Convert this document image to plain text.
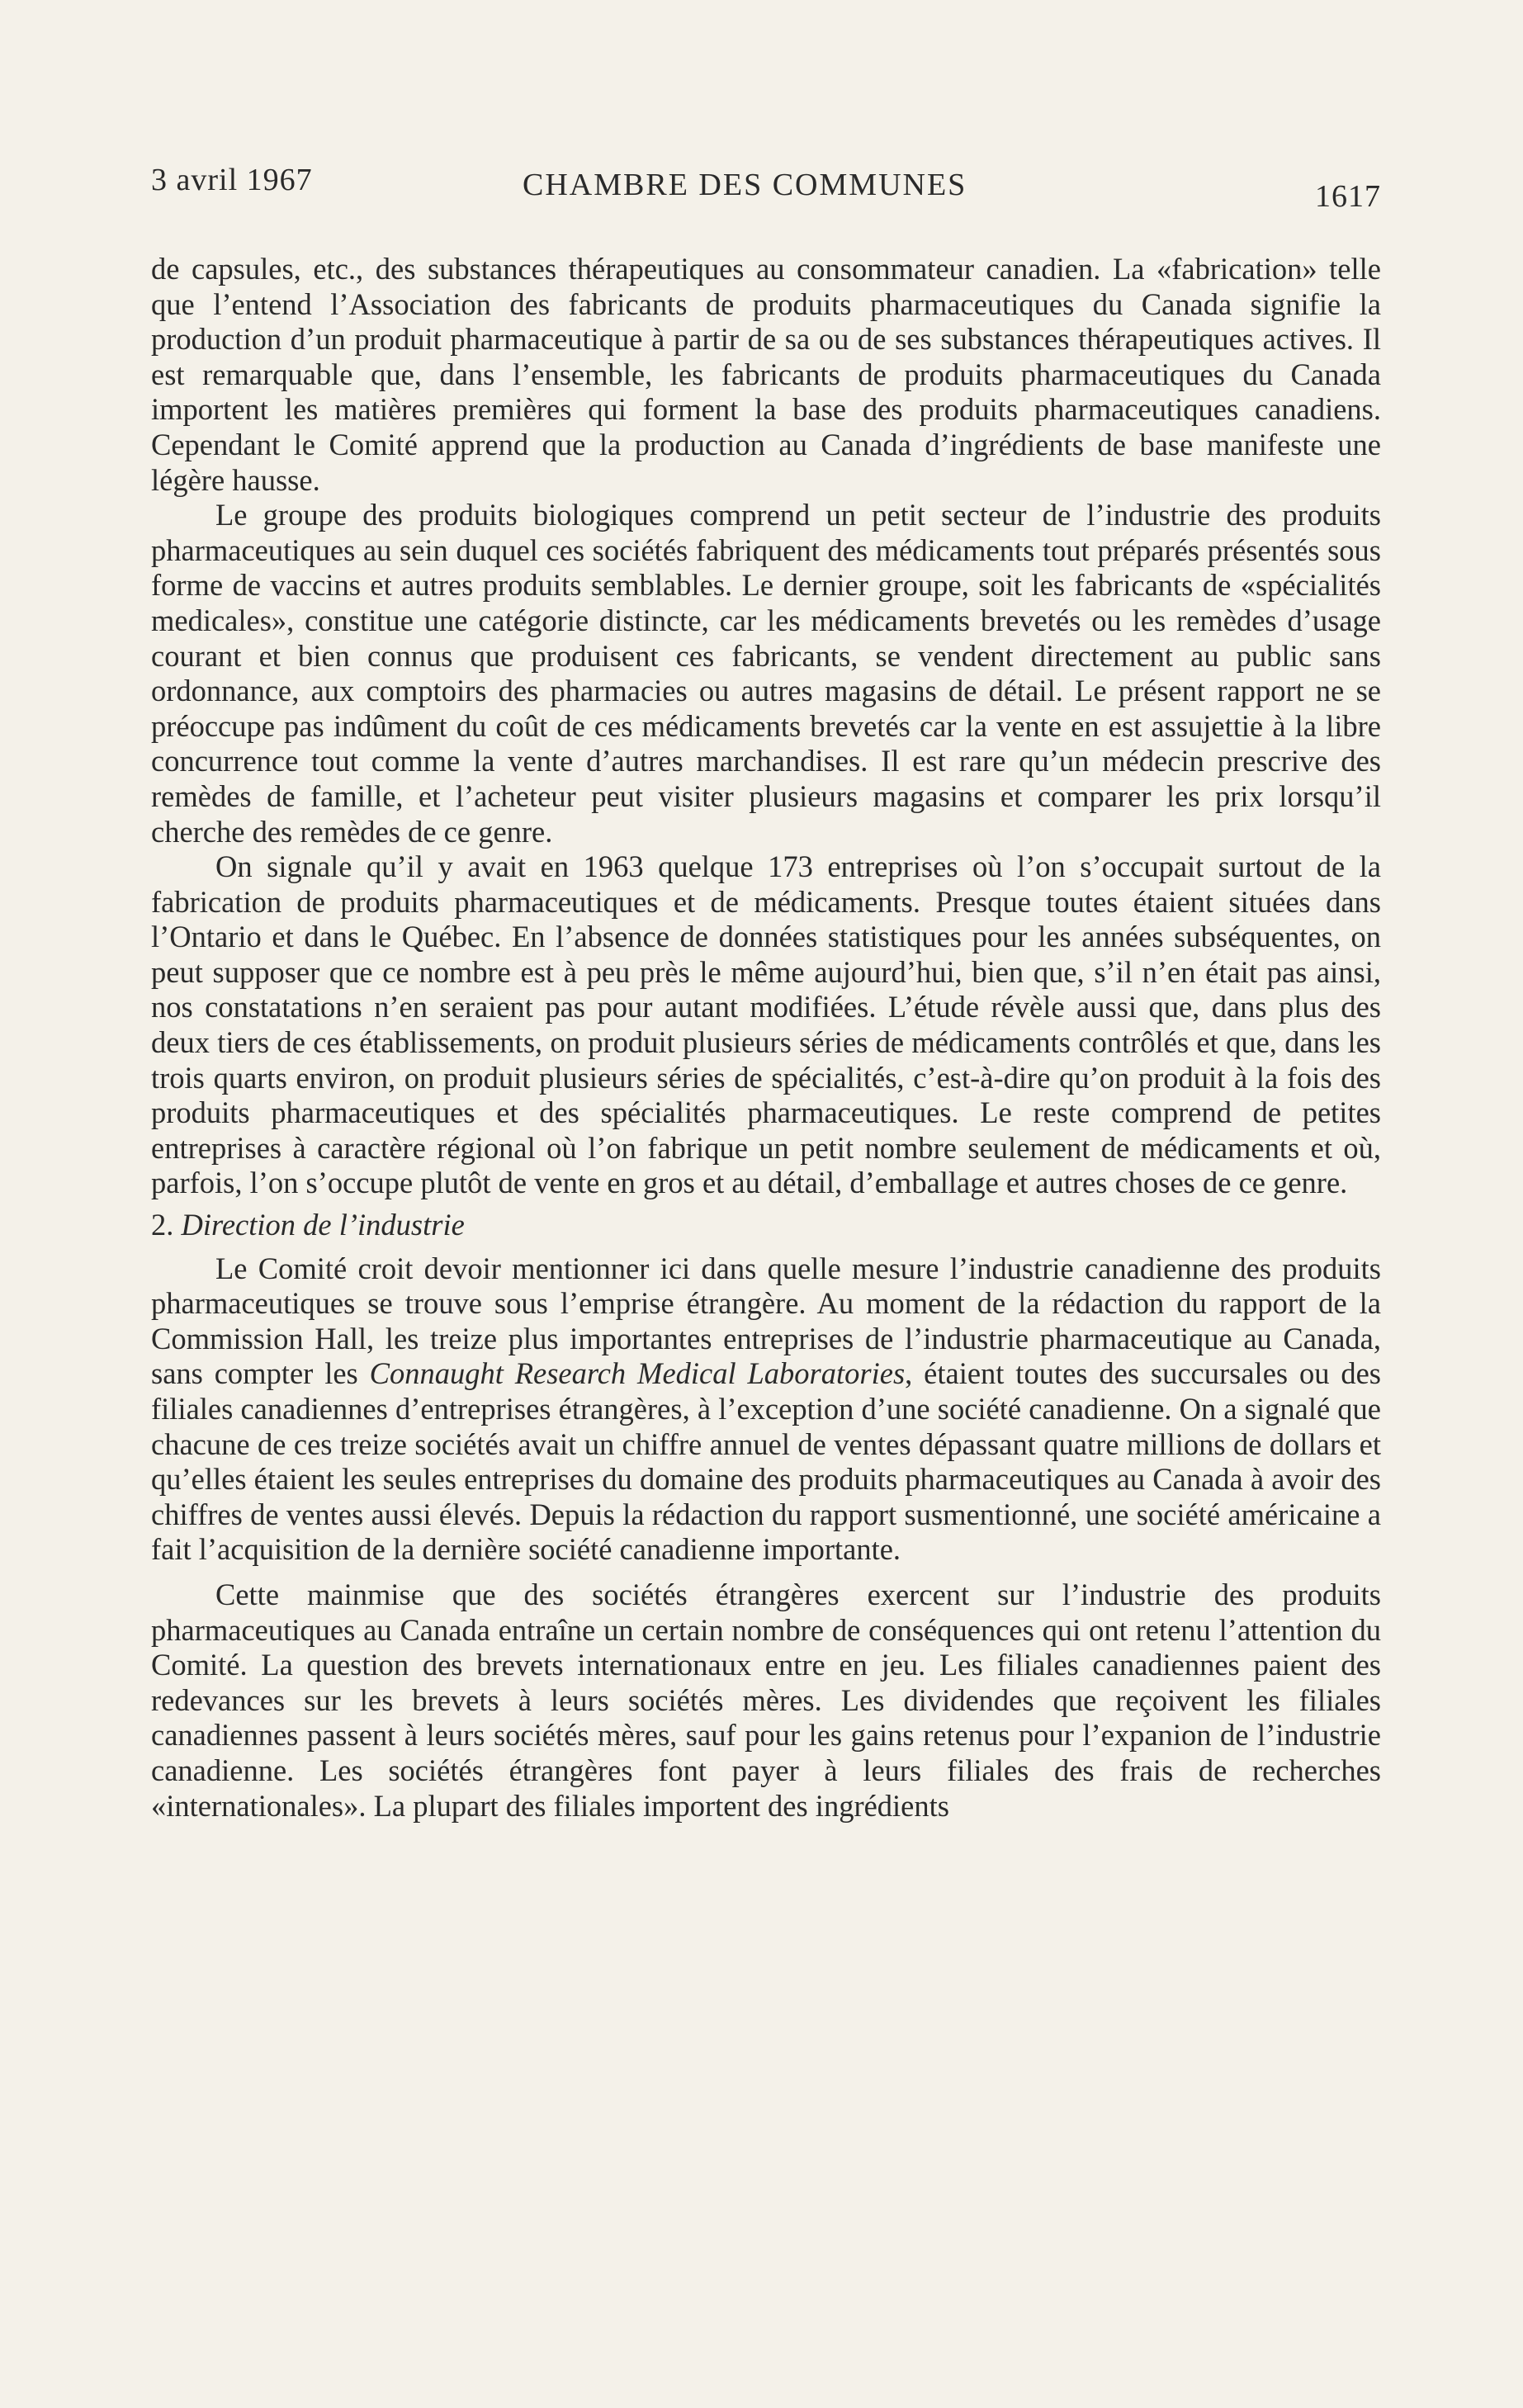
3 avril 1967	CHAMBRE DES COMMUNES	1617

de capsules, etc., des substances thérapeutiques au consommateur canadien. La «fabrication» telle que l’entend l’Association des fabricants de produits pharmaceutiques du Canada signifie la production d’un produit pharmaceutique à partir de sa ou de ses substances thérapeutiques actives. Il est remarquable que, dans l’ensemble, les fabricants de produits pharmaceutiques du Canada importent les matières premières qui forment la base des produits pharmaceutiques canadiens. Cependant le Comité apprend que la production au Canada d’ingrédients de base manifeste une légère hausse.

Le groupe des produits biologiques comprend un petit secteur de l’industrie des produits pharmaceutiques au sein duquel ces sociétés fabriquent des médicaments tout préparés présentés sous forme de vaccins et autres produits semblables. Le dernier groupe, soit les fabricants de «spécialités medicales», constitue une catégorie distincte, car les médicaments brevetés ou les remèdes d’usage courant et bien connus que produisent ces fabricants, se vendent directement au public sans ordonnance, aux comptoirs des pharmacies ou autres magasins de détail. Le présent rapport ne se préoccupe pas indûment du coût de ces médicaments brevetés car la vente en est assujettie à la libre concurrence tout comme la vente d’autres marchandises. Il est rare qu’un médecin prescrive des remèdes de famille, et l’acheteur peut visiter plusieurs magasins et comparer les prix lorsqu’il cherche des remèdes de ce genre.

On signale qu’il y avait en 1963 quelque 173 entreprises où l’on s’occupait surtout de la fabrication de produits pharmaceutiques et de médicaments. Presque toutes étaient situées dans l’Ontario et dans le Québec. En l’absence de données statistiques pour les années subséquentes, on peut supposer que ce nombre est à peu près le même aujourd’hui, bien que, s’il n’en était pas ainsi, nos constatations n’en seraient pas pour autant modifiées. L’étude révèle aussi que, dans plus des deux tiers de ces établissements, on produit plusieurs séries de médicaments contrôlés et que, dans les trois quarts environ, on produit plusieurs séries de spécialités, c’est-à-dire qu’on produit à la fois des produits pharmaceutiques et des spécialités pharmaceutiques. Le reste comprend de petites entreprises à caractère régional où l’on fabrique un petit nombre seulement de médicaments et où, parfois, l’on s’occupe plutôt de vente en gros et au détail, d’emballage et autres choses de ce genre.

2. Direction de l’industrie

Le Comité croit devoir mentionner ici dans quelle mesure l’industrie canadienne des produits pharmaceutiques se trouve sous l’emprise étrangère. Au moment de la rédaction du rapport de la Commission Hall, les treize plus importantes entreprises de l’industrie pharmaceutique au Canada, sans compter les Connaught Research Medical Laboratories, étaient toutes des succursales ou des filiales canadiennes d’entreprises étrangères, à l’exception d’une société canadienne. On a signalé que chacune de ces treize sociétés avait un chiffre annuel de ventes dépassant quatre millions de dollars et qu’elles étaient les seules entreprises du domaine des produits pharmaceutiques au Canada à avoir des chiffres de ventes aussi élevés. Depuis la rédaction du rapport susmentionné, une société américaine a fait l’acquisition de la dernière société canadienne importante.

Cette mainmise que des sociétés étrangères exercent sur l’industrie des produits pharmaceutiques au Canada entraîne un certain nombre de conséquences qui ont retenu l’attention du Comité. La question des brevets internationaux entre en jeu. Les filiales canadiennes paient des redevances sur les brevets à leurs sociétés mères. Les dividendes que reçoivent les filiales canadiennes passent à leurs sociétés mères, sauf pour les gains retenus pour l’expanion de l’industrie canadienne. Les sociétés étrangères font payer à leurs filiales des frais de recherches «internationales». La plupart des filiales importent des ingrédients
